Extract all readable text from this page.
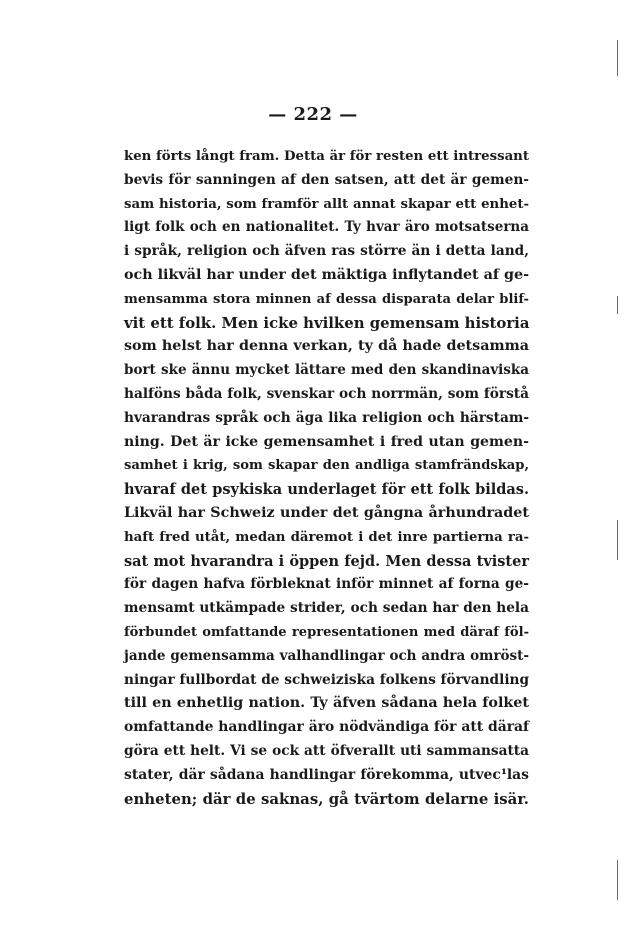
— 222 —
ken förts långt fram. Detta är för resten ett intressant
bevis för sanningen af den satsen, att det är gemen-
sam historia, som framför allt annat skapar ett enhet-
ligt folk och en nationalitet. Ty hvar äro motsatserna
i språk, religion och äfven ras större än i detta land,
och likväl har under det mäktiga inflytandet af ge-
mensamma stora minnen af dessa disparata delar blif-
vit ett folk. Men icke hvilken gemensam historia
som helst har denna verkan, ty då hade detsamma
bort ske ännu mycket lättare med den skandinaviska
halföns båda folk, svenskar och norrmän, som förstå
hvarandras språk och äga lika religion och härstam-
ning. Det är icke gemensamhet i fred utan gemen-
samhet i krig, som skapar den andliga stamfrändskap,
hvaraf det psykiska underlaget för ett folk bildas.
Likväl har Schweiz under det gångna århundradet
haft fred utåt, medan däremot i det inre partierna ra-
sat mot hvarandra i öppen fejd. Men dessa tvister
för dagen hafva förbleknat inför minnet af forna ge-
mensamt utkämpade strider, och sedan har den hela
förbundet omfattande representationen med däraf föl-
jande gemensamma valhandlingar och andra omröst-
ningar fullbordat de schweiziska folkens förvandling
till en enhetlig nation. Ty äfven sådana hela folket
omfattande handlingar äro nödvändiga för att däraf
göra ett helt. Vi se ock att öfverallt uti sammansatta
stater, där sådana handlingar förekomma, utvec¹las
enheten; där de saknas, gå tvärtom delarne isär.
